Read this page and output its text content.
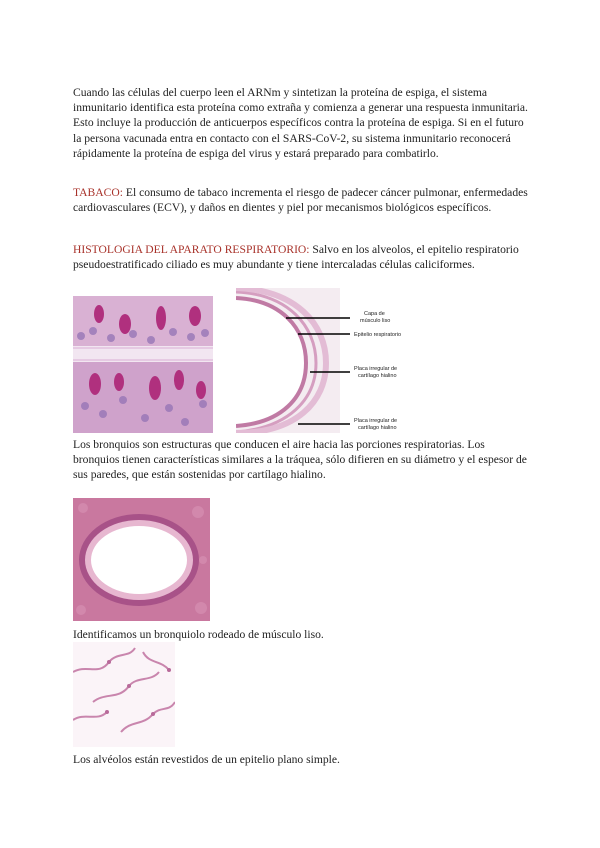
Cuando las células del cuerpo leen el ARNm y sintetizan la proteína de espiga, el sistema inmunitario identifica esta proteína como extraña y comienza a generar una respuesta inmunitaria. Esto incluye la producción de anticuerpos específicos contra la proteína de espiga. Si en el futuro la persona vacunada entra en contacto con el SARS-CoV-2, su sistema inmunitario reconocerá rápidamente la proteína de espiga del virus y estará preparado para combatirlo.

TABACO: El consumo de tabaco incrementa el riesgo de padecer cáncer pulmonar, enfermedades cardiovasculares (ECV), y daños en dientes y piel por mecanismos biológicos específicos.

HISTOLOGIA DEL APARATO RESPIRATORIO: Salvo en los alveolos, el epitelio respiratorio pseudoestratificado ciliado es muy abundante y tiene intercaladas células caliciformes.

Capa de
músculo liso
Epitelio respiratorio
Placa irregular de
cartílago hialino
Placa irregular de
cartílago hialino

Los bronquios son estructuras que conducen el aire hacia las porciones respiratorias. Los bronquios tienen características similares a la tráquea, sólo difieren en su diámetro y el espesor de sus paredes, que están sostenidas por cartílago hialino.

Identificamos un bronquiolo rodeado de músculo liso.

Los alvéolos están revestidos de un epitelio plano simple.
